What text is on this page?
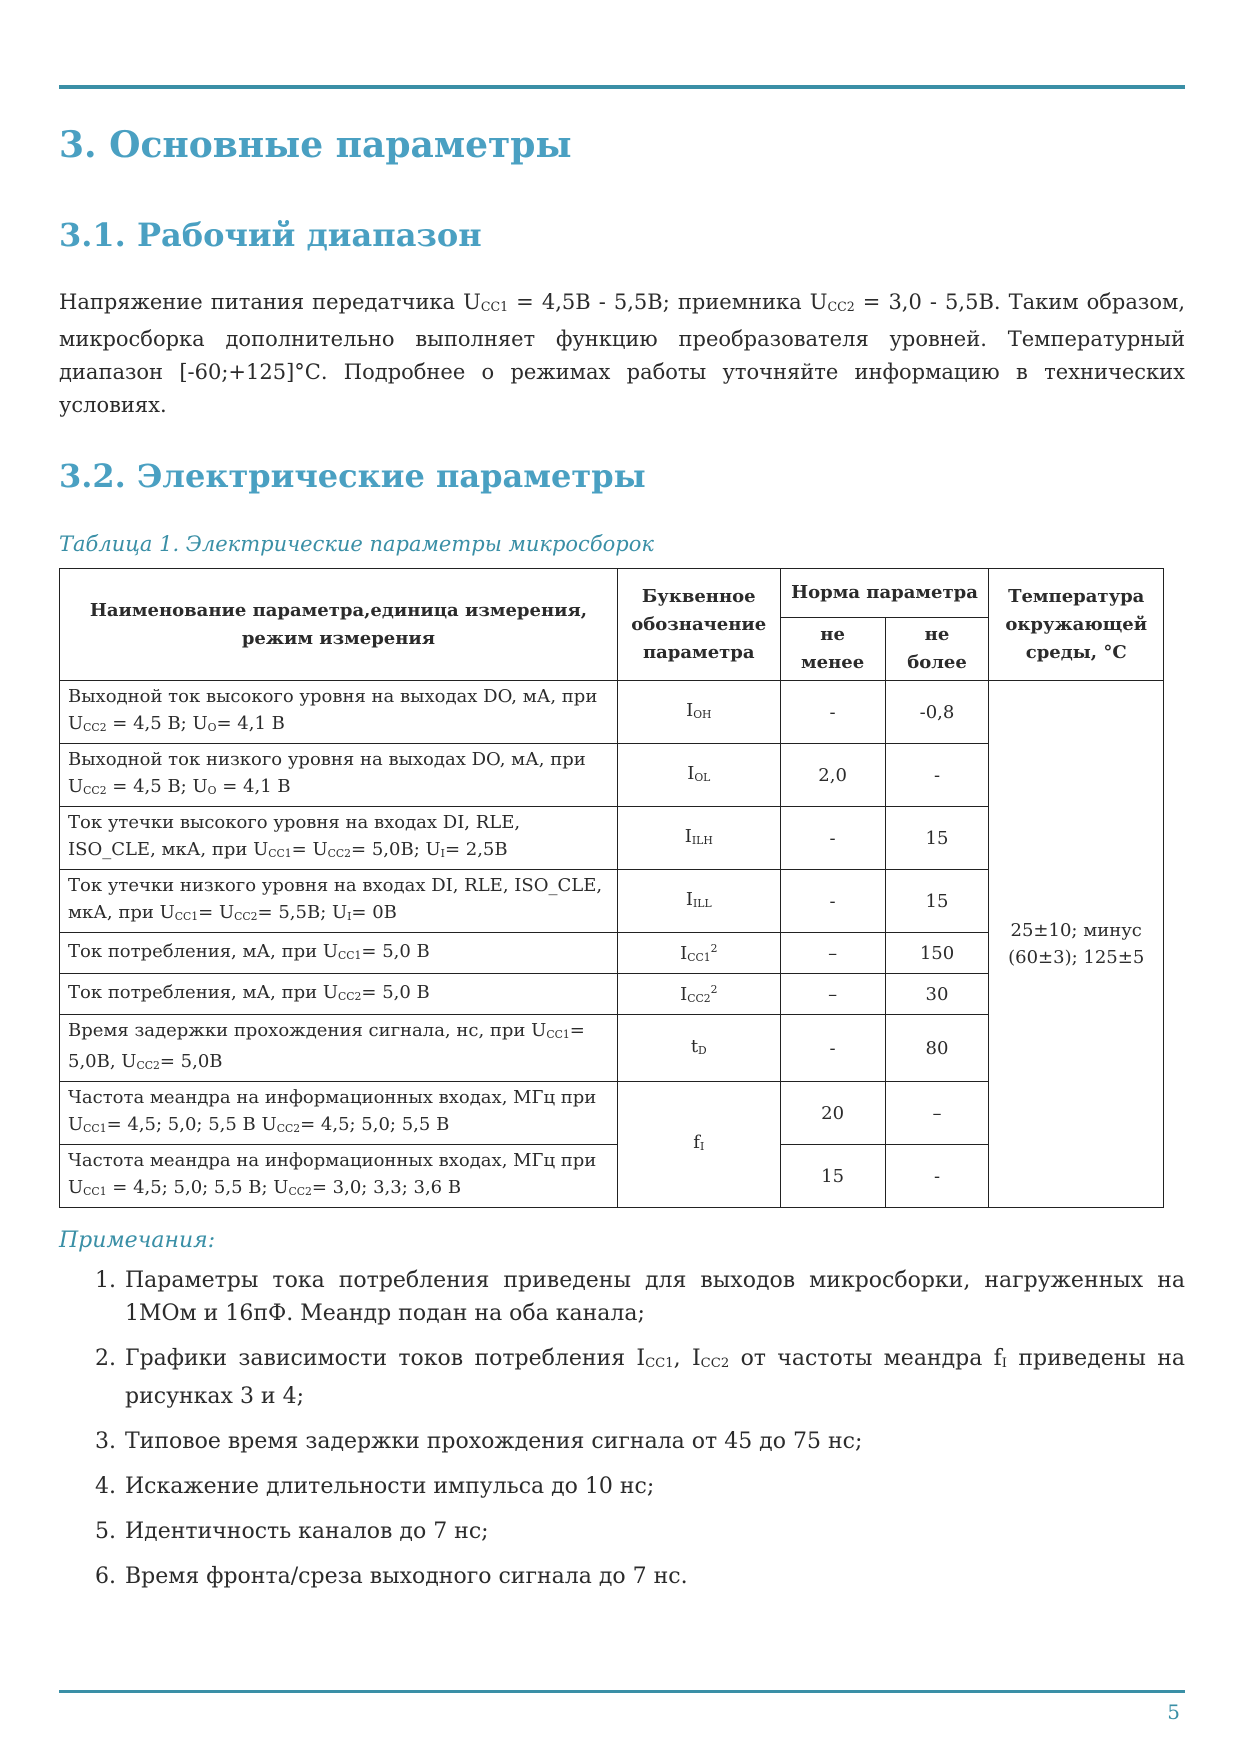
3. Основные параметры
3.1. Рабочий диапазон

Напряжение питания передатчика $U_{CC1} = 4,5В - 5,5В$; приемника $U_{CC2} = 3,0 - 5,5В$. Таким образом, микросборка дополнительно выполняет функцию преобразователя уровней. Температурный диапазон [-60;+125]°С. Подробнее о режимах работы уточняйте информацию в технических условиях.

3.2. Электрические параметры

Таблица 1. Электрические параметры микросборок

Наименование параметра,единица измерения, режим измерения	Буквенное обозначение параметра	Норма параметра		Температура окружающей среды, °С
		не менее	не более	
Выходной ток высокого уровня на выходах DO, мА, при $U_{CC2} = 4,5$ В; $U_O= 4,1$ В	$I_{OH}$	-	-0,8	25±10; минус (60±3); 125±5
Выходной ток низкого уровня на выходах DO, мА, при $U_{CC2} = 4,5$ В; $U_O = 4,1$ В	$I_{OL}$	2,0	-	
Ток утечки высокого уровня на входах DI, RLE, ISO_CLE, мкА, при $U_{CC1}= U_{CC2}= 5,0В$; $U_I= 2,5В$	$I_{ILH}$	-	15	
Ток утечки низкого уровня на входах DI, RLE, ISO_CLE, мкА, при $U_{CC1}= U_{CC2}= 5,5В$; $U_I= 0В$	$I_{ILL}$	-	15	
Ток потребления, мА, при $U_{CC1}= 5,0$ В	$I_{CC1}^2$	–	150	
Ток потребления, мА, при $U_{CC2}= 5,0$ В	$I_{CC2}^2$	–	30	
Время задержки прохождения сигнала, нс, при $U_{CC1}= 5,0В$, $U_{CC2}= 5,0В$	$t_D$	-	80	
Частота меандра на информационных входах, МГц при $U_{CC1}= 4,5$; 5,0; 5,5 В $U_{CC2}= 4,5$; 5,0; 5,5 В	$f_I$	20	–	
Частота меандра на информационных входах, МГц при $U_{CC1} = 4,5$; 5,0; 5,5 В; $U_{CC2}= 3,0$; 3,3; 3,6 В		15	-	

Примечания:

1. Параметры тока потребления приведены для выходов микросборки, нагруженных на 1МОм и 16пФ. Меандр подан на оба канала;
2. Графики зависимости токов потребления $I_{CC1}$, $I_{CC2}$ от частоты меандра $f_I$ приведены на рисунках 3 и 4;
3. Типовое время задержки прохождения сигнала от 45 до 75 нс;
4. Искажение длительности импульса до 10 нс;
5. Идентичность каналов до 7 нс;
6. Время фронта/среза выходного сигнала до 7 нс.
5
